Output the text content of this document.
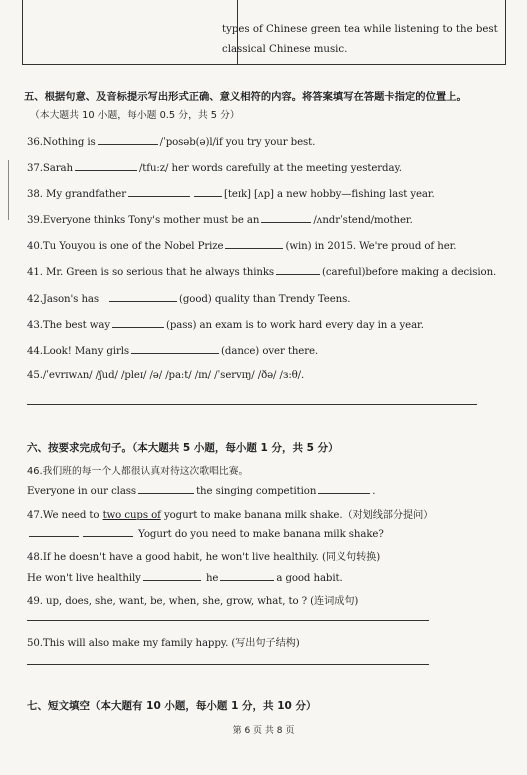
types of Chinese green tea while listening to the best
classical Chinese music.
五、根据句意、及音标提示写出形式正确、意义相符的内容。将答案填写在答题卡指定的位置上。
（本大题共 10 小题，每小题 0.5 分，共 5 分）
36.Nothing is	/ˈposəb(ə)l/if you try your best.
37.Sarah	/tfu:z/ her words carefully at the meeting yesterday.
38. My grandfather	[teɪk] [ʌp] a new hobby—fishing last year.
39.Everyone thinks Tony's mother must be an	/ʌndrˈstend/mother.
40.Tu Youyou is one of the Nobel Prize	(win) in 2015. We're proud of her.
41. Mr. Green is so serious that he always thinks	(careful)before making a decision.
42.Jason's has	(good) quality than Trendy Teens.
43.The best way	(pass) an exam is to work hard every day in a year.
44.Look! Many girls	(dance) over there.
45./ˈevrɪwʌn/ /ʃud/ /pleɪ/ /ə/ /pa:t/ /ɪn/ /ˈservɪŋ/ /ðə/ /з:θ/.
六、按要求完成句子。（本大题共 5 小题，每小题 1 分，共 5 分）
46.我们班的每一个人都很认真对待这次歌唱比赛。
Everyone in our class	the singing competition	.
47.We need to two cups of yogurt to make banana milk shake.（对划线部分提问）
Yogurt do you need to make banana milk shake?
48.If he doesn't have a good habit, he won't live healthily. (同义句转换)
He won't live healthily	he	a good habit.
49. up, does, she, want, be, when, she, grow, what, to ? (连词成句)
50.This will also make my family happy. (写出句子结构)
七、短文填空（本大题有 10 小题，每小题 1 分，共 10 分）
第 6 页 共 8 页
